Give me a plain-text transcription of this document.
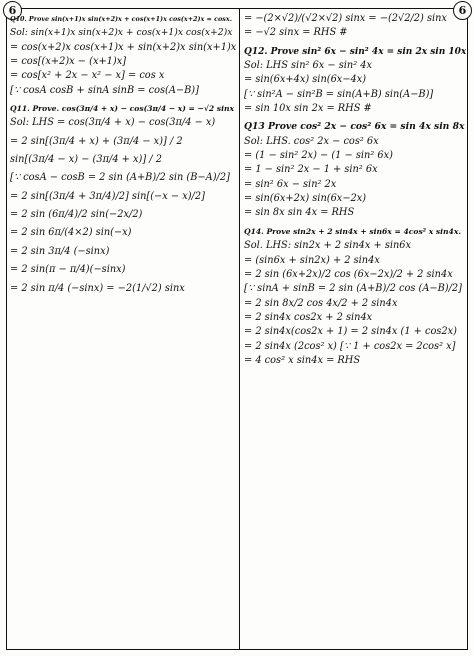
6	6
Q10. Prove sin(x+1)x sin(x+2)x + cos(x+1)x cos(x+2)x = cosx.
Sol: sin(x+1)x sin(x+2)x + cos(x+1)x cos(x+2)x
= cos(x+2)x cos(x+1)x + sin(x+2)x sin(x+1)x
= cos[(x+2)x − (x+1)x]
= cos[x² + 2x − x² − x] = cos x
[∵ cosA cosB + sinA sinB = cos(A−B)]
Q11. Prove. cos(3π/4 + x) − cos(3π/4 − x) = −√2 sinx
Sol: LHS = cos(3π/4 + x) − cos(3π/4 − x)
= 2 sin[(3π/4 + x) + (3π/4 − x)] / 2
sin[(3π/4 − x) − (3π/4 + x)] / 2
[∵ cosA − cosB = 2 sin (A+B)/2 sin (B−A)/2]
= 2 sin[(3π/4 + 3π/4)/2] sin[(−x − x)/2]
= 2 sin (6π/4)/2 sin(−2x/2)
= 2 sin 6π/(4×2) sin(−x)
= 2 sin 3π/4 (−sinx)
= 2 sin(π − π/4)(−sinx)
= 2 sin π/4 (−sinx) = −2(1/√2) sinx
= −(2×√2)/(√2×√2) sinx = −(2√2/2) sinx
= −√2 sinx = RHS #
Q12. Prove sin² 6x − sin² 4x = sin 2x sin 10x
Sol: LHS sin² 6x − sin² 4x
= sin(6x+4x) sin(6x−4x)
[∵ sin²A − sin²B = sin(A+B) sin(A−B)]
= sin 10x sin 2x = RHS #
Q13 Prove cos² 2x − cos² 6x = sin 4x sin 8x
Sol: LHS. cos² 2x − cos² 6x
= (1 − sin² 2x) − (1 − sin² 6x)
= 1 − sin² 2x − 1 + sin² 6x
= sin² 6x − sin² 2x
= sin(6x+2x) sin(6x−2x)
= sin 8x sin 4x = RHS
Q14. Prove sin2x + 2 sin4x + sin6x = 4cos² x sin4x.
Sol. LHS: sin2x + 2 sin4x + sin6x
= (sin6x + sin2x) + 2 sin4x
= 2 sin (6x+2x)/2 cos (6x−2x)/2 + 2 sin4x
[∵ sinA + sinB = 2 sin (A+B)/2 cos (A−B)/2]
= 2 sin 8x/2 cos 4x/2 + 2 sin4x
= 2 sin4x cos2x + 2 sin4x
= 2 sin4x(cos2x + 1) = 2 sin4x (1 + cos2x)
= 2 sin4x (2cos² x) [∵ 1 + cos2x = 2cos² x]
= 4 cos² x sin4x = RHS
